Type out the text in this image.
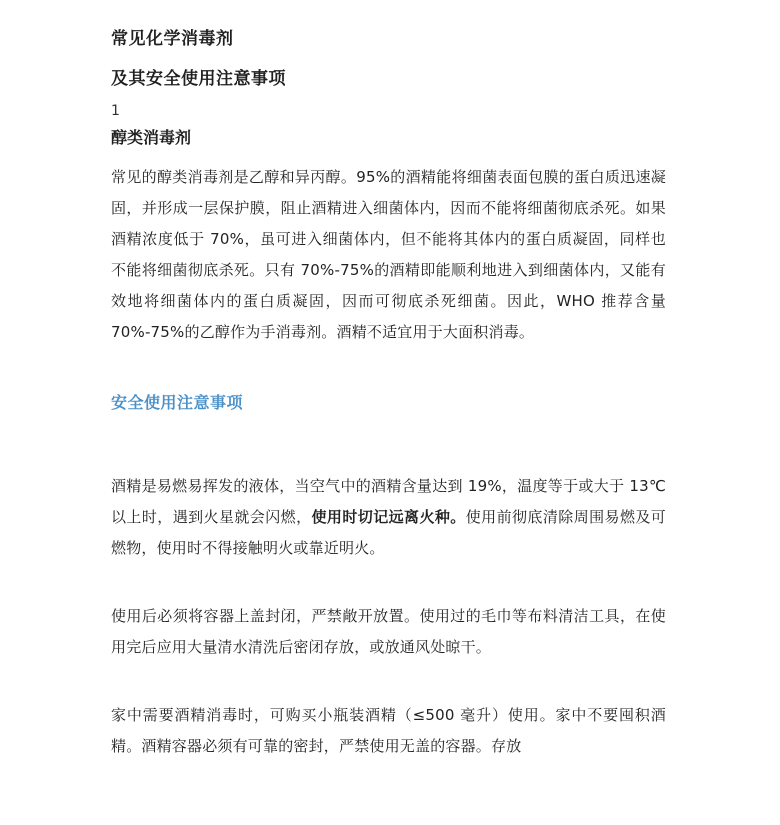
常见化学消毒剂
及其安全使用注意事项
1
醇类消毒剂

常见的醇类消毒剂是乙醇和异丙醇。95%的酒精能将细菌表面包膜的蛋白质迅速凝固，并形成一层保护膜，阻止酒精进入细菌体内，因而不能将细菌彻底杀死。如果酒精浓度低于 70%，虽可进入细菌体内，但不能将其体内的蛋白质凝固，同样也不能将细菌彻底杀死。只有 70%-75%的酒精即能顺利地进入到细菌体内，又能有效地将细菌体内的蛋白质凝固，因而可彻底杀死细菌。因此，WHO 推荐含量 70%-75%的乙醇作为手消毒剂。酒精不适宜用于大面积消毒。

安全使用注意事项

酒精是易燃易挥发的液体，当空气中的酒精含量达到 19%，温度等于或大于 13℃以上时，遇到火星就会闪燃，使用时切记远离火种。使用前彻底清除周围易燃及可燃物，使用时不得接触明火或靠近明火。

使用后必须将容器上盖封闭，严禁敞开放置。使用过的毛巾等布料清洁工具，在使用完后应用大量清水清洗后密闭存放，或放通风处晾干。

家中需要酒精消毒时，可购买小瓶装酒精（≤500 毫升）使用。家中不要囤积酒精。酒精容器必须有可靠的密封，严禁使用无盖的容器。存放
